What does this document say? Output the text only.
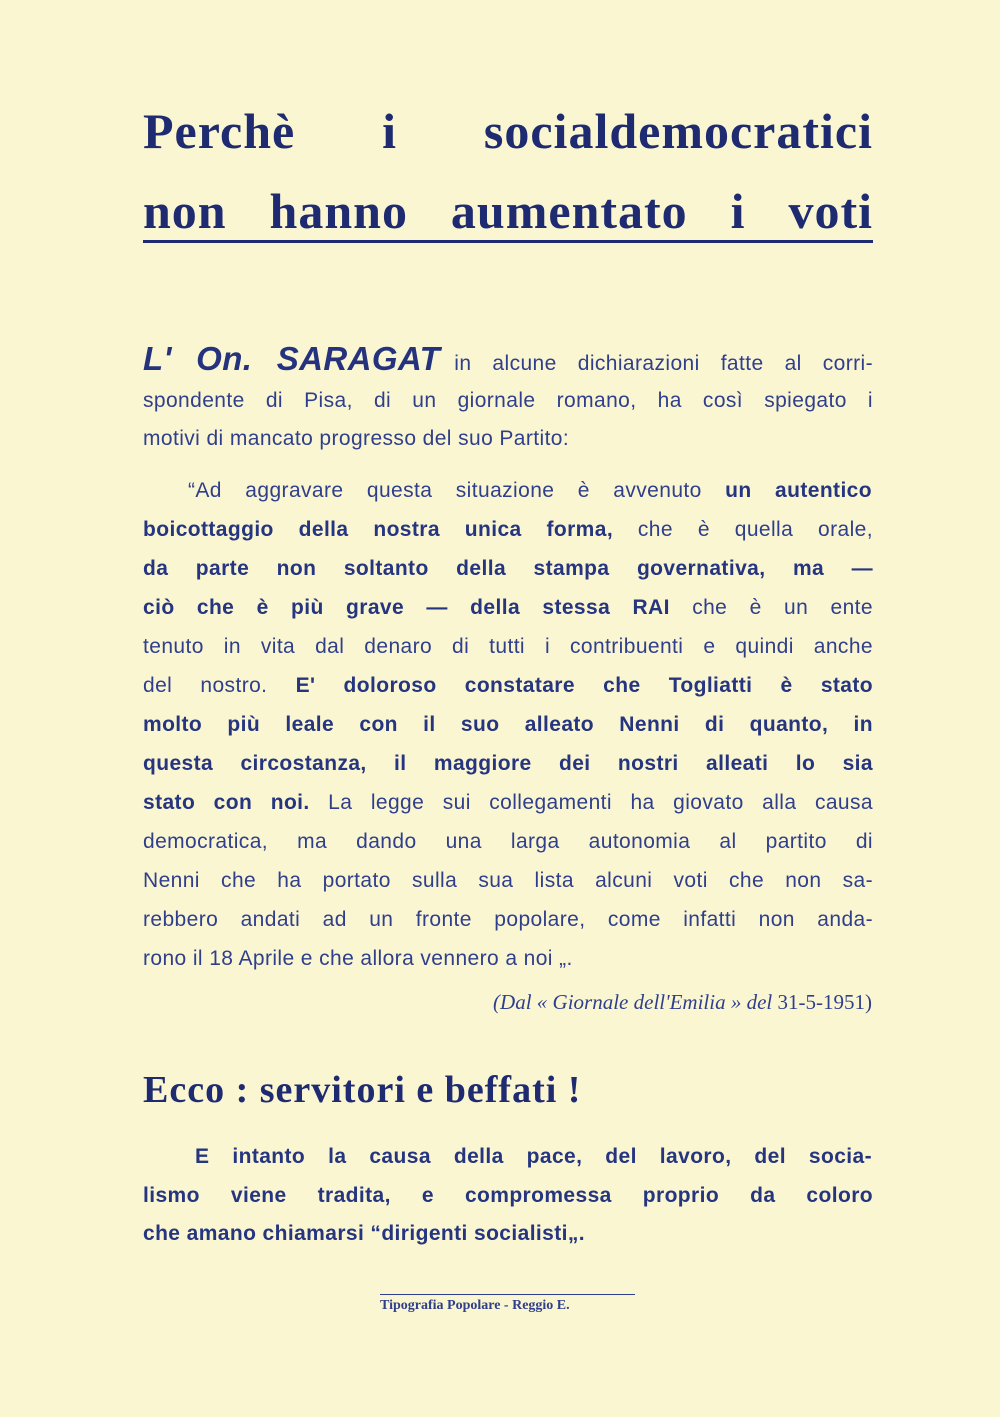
Perchè i socialdemocratici
non hanno aumentato i voti
L' On. SARAGAT in alcune dichiarazioni fatte al corri-
spondente di Pisa, di un giornale romano, ha così spiegato i
motivi di mancato progresso del suo Partito:
“Ad aggravare questa situazione è avvenuto un autentico
boicottaggio della nostra unica forma, che è quella orale,
da parte non soltanto della stampa governativa, ma —
ciò che è più grave — della stessa RAI che è un ente
tenuto in vita dal denaro di tutti i contribuenti e quindi anche
del nostro. E' doloroso constatare che Togliatti è stato
molto più leale con il suo alleato Nenni di quanto, in
questa circostanza, il maggiore dei nostri alleati lo sia
stato con noi. La legge sui collegamenti ha giovato alla causa
democratica, ma dando una larga autonomia al partito di
Nenni che ha portato sulla sua lista alcuni voti che non sa-
rebbero andati ad un fronte popolare, come infatti non anda-
rono il 18 Aprile e che allora vennero a noi „.
(Dal « Giornale dell'Emilia » del 31-5-1951)
Ecco : servitori e beffati !
E intanto la causa della pace, del lavoro, del socia-
lismo viene tradita, e compromessa proprio da coloro
che amano chiamarsi “dirigenti socialisti„.
Tipografia Popolare - Reggio E.
